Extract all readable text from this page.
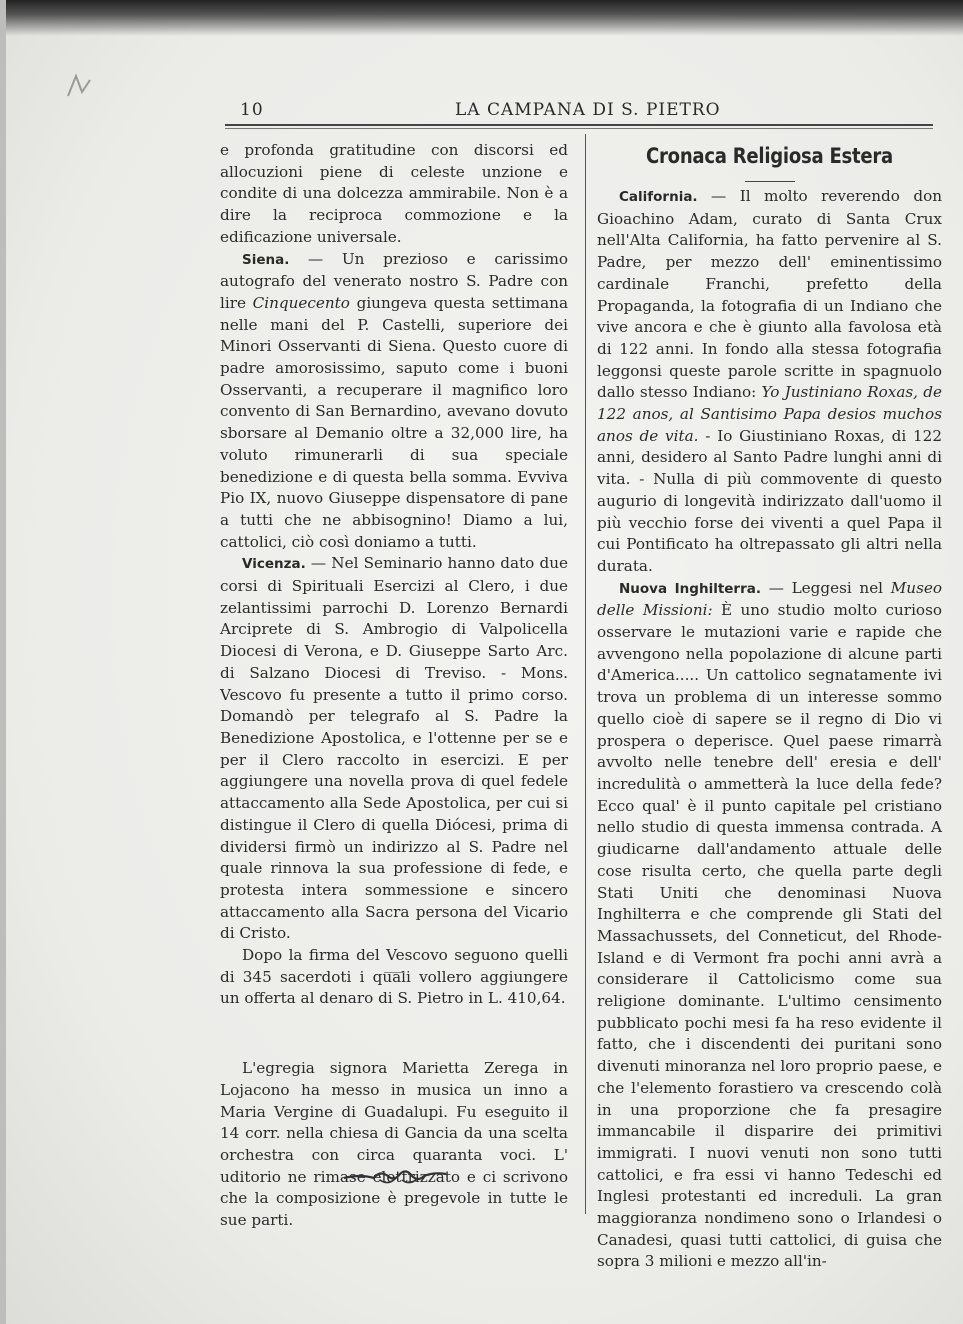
10	LA CAMPANA DI S. PIETRO

e profonda gratitudine con discorsi ed allocuzioni piene di celeste unzione e condite di una dolcezza ammirabile. Non è a dire la reciproca commozione e la edificazione universale.

Siena. — Un prezioso e carissimo autografo del venerato nostro S. Padre con lire Cinquecento giungeva questa settimana nelle mani del P. Castelli, superiore dei Minori Osservanti di Siena. Questo cuore di padre amorosissimo, saputo come i buoni Osservanti, a recuperare il magnifico loro convento di San Bernardino, avevano dovuto sborsare al Demanio oltre a 32,000 lire, ha voluto rimunerarli di sua speciale benedizione e di questa bella somma. Evviva Pio IX, nuovo Giuseppe dispensatore di pane a tutti che ne abbisognino! Diamo a lui, cattolici, ciò così doniamo a tutti.

Vicenza. — Nel Seminario hanno dato due corsi di Spirituali Esercizi al Clero, i due zelantissimi parrochi D. Lorenzo Bernardi Arciprete di S. Ambrogio di Valpolicella Diocesi di Verona, e D. Giuseppe Sarto Arc. di Salzano Diocesi di Treviso. - Mons. Vescovo fu presente a tutto il primo corso. Domandò per telegrafo al S. Padre la Benedizione Apostolica, e l'ottenne per se e per il Clero raccolto in esercizi. E per aggiungere una novella prova di quel fedele attaccamento alla Sede Apostolica, per cui si distingue il Clero di quella Diócesi, prima di dividersi firmò un indirizzo al S. Padre nel quale rinnova la sua professione di fede, e protesta intera sommessione e sincero attaccamento alla Sacra persona del Vicario di Cristo.

Dopo la firma del Vescovo seguono quelli di 345 sacerdoti i quali vollero aggiungere un offerta al denaro di S. Pietro in L. 410,64.

L'egregia signora Marietta Zerega in Lojacono ha messo in musica un inno a Maria Vergine di Guadalupi. Fu eseguito il 14 corr. nella chiesa di Gancia da una scelta orchestra con circa quaranta voci. L' uditorio ne rimase elettrizzato e ci scrivono che la composizione è pregevole in tutte le sue parti.

Cronaca Religiosa Estera

California. — Il molto reverendo don Gioachino Adam, curato di Santa Crux nell'Alta California, ha fatto pervenire al S. Padre, per mezzo dell' eminentissimo cardinale Franchi, prefetto della Propaganda, la fotografia di un Indiano che vive ancora e che è giunto alla favolosa età di 122 anni. In fondo alla stessa fotografia leggonsi queste parole scritte in spagnuolo dallo stesso Indiano: Yo Justiniano Roxas, de 122 anos, al Santisimo Papa desios muchos anos de vita. - Io Giustiniano Roxas, di 122 anni, desidero al Santo Padre lunghi anni di vita. - Nulla di più commovente di questo augurio di longevità indirizzato dall'uomo il più vecchio forse dei viventi a quel Papa il cui Pontificato ha oltrepassato gli altri nella durata.

Nuova Inghilterra. — Leggesi nel Museo delle Missioni: È uno studio molto curioso osservare le mutazioni varie e rapide che avvengono nella popolazione di alcune parti d'America..... Un cattolico segnatamente ivi trova un problema di un interesse sommo quello cioè di sapere se il regno di Dio vi prospera o deperisce. Quel paese rimarrà avvolto nelle tenebre dell' eresia e dell' incredulità o ammetterà la luce della fede? Ecco qual' è il punto capitale pel cristiano nello studio di questa immensa contrada. A giudicarne dall'andamento attuale delle cose risulta certo, che quella parte degli Stati Uniti che denominasi Nuova Inghilterra e che comprende gli Stati del Massachussets, del Conneticut, del Rhode-Island e di Vermont fra pochi anni avrà a considerare il Cattolicismo come sua religione dominante. L'ultimo censimento pubblicato pochi mesi fa ha reso evidente il fatto, che i discendenti dei puritani sono divenuti minoranza nel loro proprio paese, e che l'elemento forastiero va crescendo colà in una proporzione che fa presagire immancabile il disparire dei primitivi immigrati. I nuovi venuti non sono tutti cattolici, e fra essi vi hanno Tedeschi ed Inglesi protestanti ed increduli. La gran maggioranza nondimeno sono o Irlandesi o Canadesi, quasi tutti cattolici, di guisa che sopra 3 milioni e mezzo all'in-
